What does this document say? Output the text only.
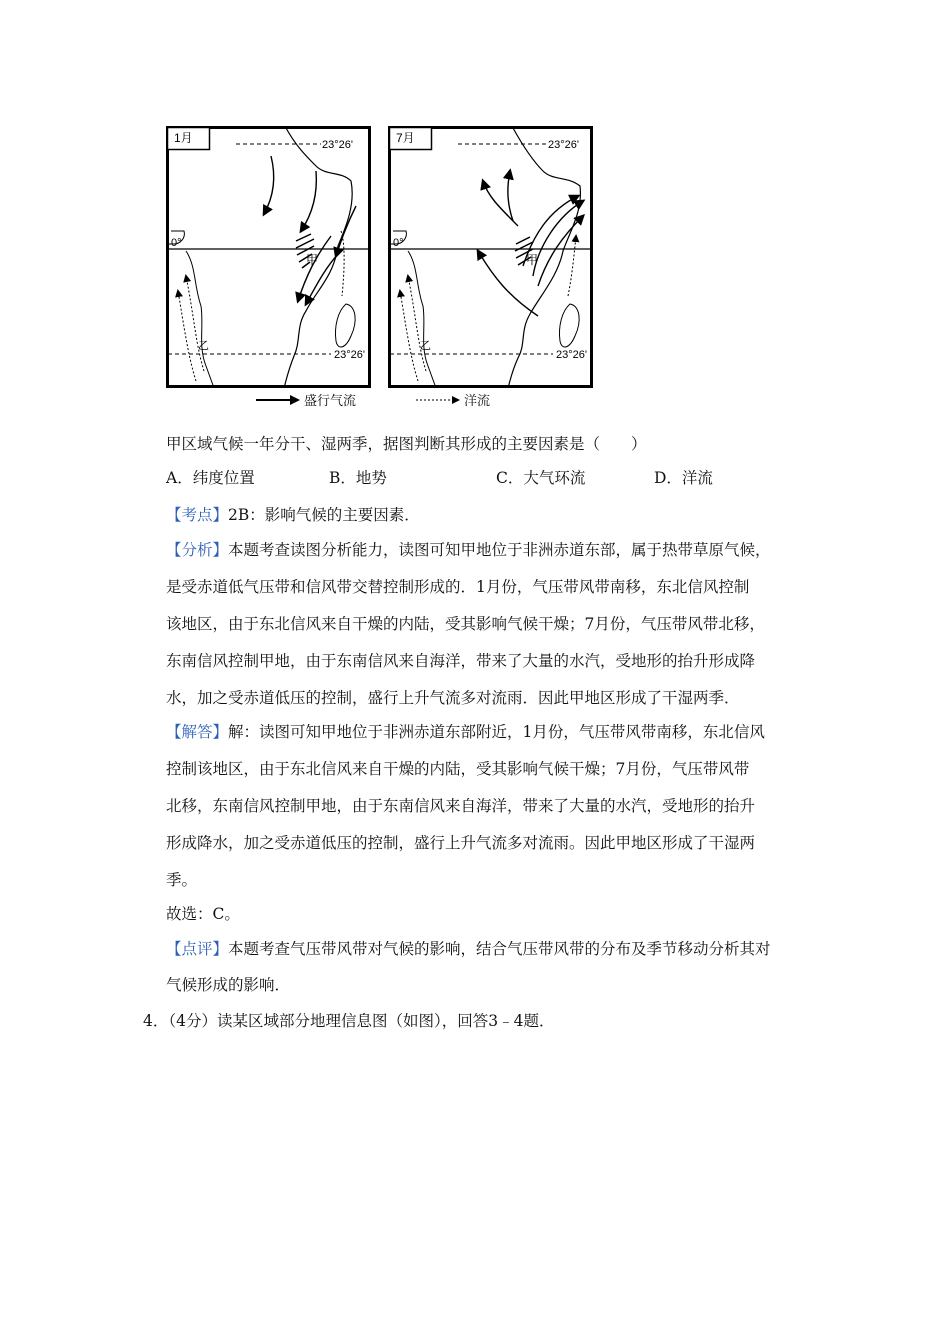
1月	23°26'
0°
23°26'
甲
乙
7月	23°26'
0°
23°26'
甲
乙
盛行气流	洋流
甲区域气候一年分干、湿两季，据图判断其形成的主要因素是（　　）
A．纬度位置	B．地势	C．大气环流	D．洋流
【考点】2B：影响气候的主要因素．
【分析】本题考查读图分析能力，读图可知甲地位于非洲赤道东部，属于热带草原气候，
是受赤道低气压带和信风带交替控制形成的．1月份，气压带风带南移，东北信风控制
该地区，由于东北信风来自干燥的内陆，受其影响气候干燥；7月份，气压带风带北移，
东南信风控制甲地，由于东南信风来自海洋，带来了大量的水汽，受地形的抬升形成降
水，加之受赤道低压的控制，盛行上升气流多对流雨．因此甲地区形成了干湿两季．
【解答】解：读图可知甲地位于非洲赤道东部附近，1月份，气压带风带南移，东北信风
控制该地区，由于东北信风来自干燥的内陆，受其影响气候干燥；7月份，气压带风带
北移，东南信风控制甲地，由于东南信风来自海洋，带来了大量的水汽，受地形的抬升
形成降水，加之受赤道低压的控制，盛行上升气流多对流雨。因此甲地区形成了干湿两
季。
故选：C。
【点评】本题考查气压带风带对气候的影响，结合气压带风带的分布及季节移动分析其对
气候形成的影响．
4．（4分）读某区域部分地理信息图（如图），回答3﹣4题．
